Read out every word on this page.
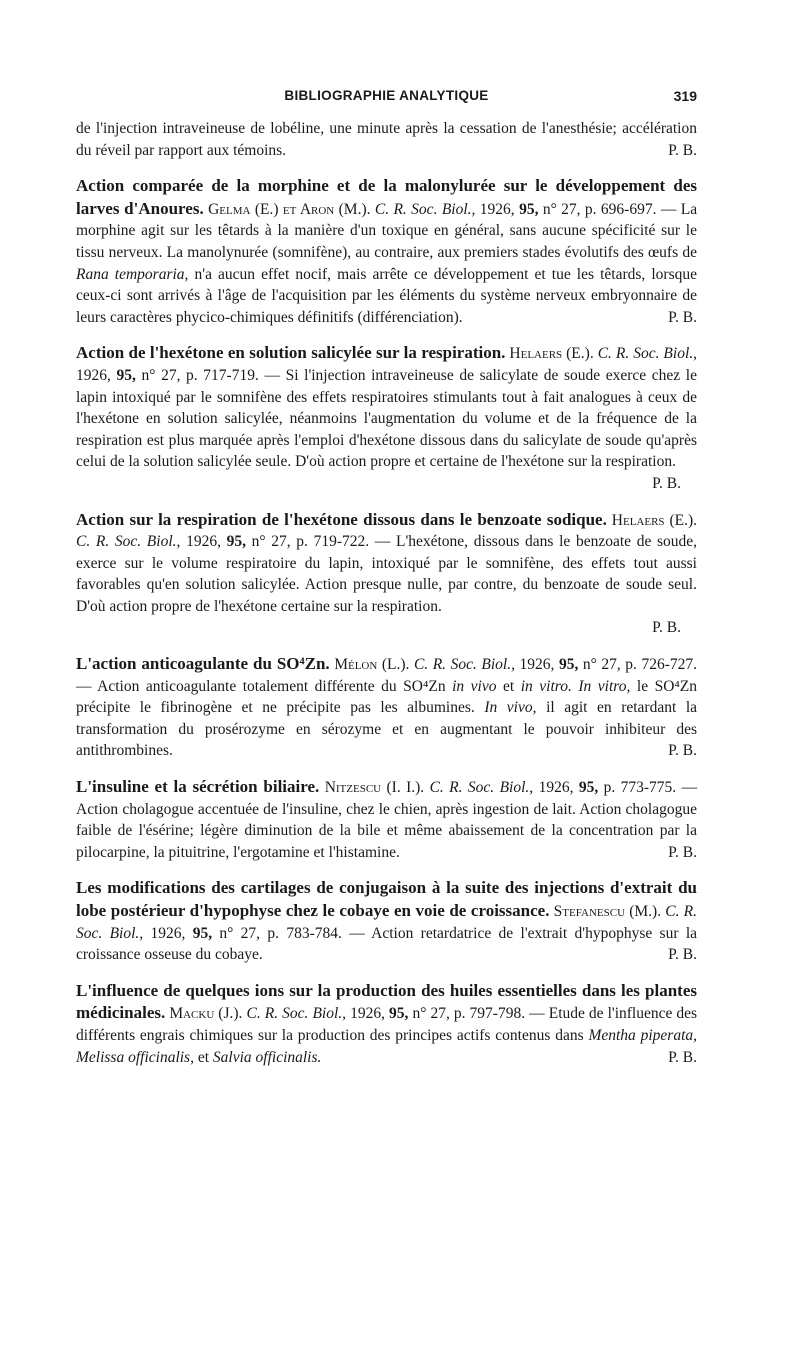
BIBLIOGRAPHIE ANALYTIQUE	319

de l'injection intraveineuse de lobéline, une minute après la cessation de l'anesthésie; accélération du réveil par rapport aux témoins.	P. B.

Action comparée de la morphine et de la malonylurée sur le développement des larves d'Anoures. Gelma (E.) et Aron (M.). C. R. Soc. Biol., 1926, 95, n° 27, p. 696-697. — La morphine agit sur les têtards à la manière d'un toxique en général, sans aucune spécificité sur le tissu nerveux. La manolynurée (somnifène), au contraire, aux premiers stades évolutifs des œufs de Rana temporaria, n'a aucun effet nocif, mais arrête ce développement et tue les têtards, lorsque ceux-ci sont arrivés à l'âge de l'acquisition par les éléments du système nerveux embryonnaire de leurs caractères phycico-chimiques définitifs (différenciation).	P. B.
Action de l'hexétone en solution salicylée sur la respiration. Helaers (E.). C. R. Soc. Biol., 1926, 95, n° 27, p. 717-719. — Si l'injection intraveineuse de salicylate de soude exerce chez le lapin intoxiqué par le somnifène des effets respiratoires stimulants tout à fait analogues à ceux de l'hexétone en solution salicylée, néanmoins l'augmentation du volume et de la fréquence de la respiration est plus marquée après l'emploi d'hexétone dissous dans du salicylate de soude qu'après celui de la solution salicylée seule. D'où action propre et certaine de l'hexétone sur la respiration.
P. B.
Action sur la respiration de l'hexétone dissous dans le benzoate sodique. Helaers (E.). C. R. Soc. Biol., 1926, 95, n° 27, p. 719-722. — L'hexétone, dissous dans le benzoate de soude, exerce sur le volume respiratoire du lapin, intoxiqué par le somnifène, des effets tout aussi favorables qu'en solution salicylée. Action presque nulle, par contre, du benzoate de soude seul. D'où action propre de l'hexétone certaine sur la respiration.
P. B.
L'action anticoagulante du SO⁴Zn. Mélon (L.). C. R. Soc. Biol., 1926, 95, n° 27, p. 726-727. — Action anticoagulante totalement différente du SO⁴Zn in vivo et in vitro. In vitro, le SO⁴Zn précipite le fibrinogène et ne précipite pas les albumines. In vivo, il agit en retardant la transformation du prosérozyme en sérozyme et en augmentant le pouvoir inhibiteur des antithrombines.	P. B.
L'insuline et la sécrétion biliaire. Nitzescu (I. I.). C. R. Soc. Biol., 1926, 95, p. 773-775. — Action cholagogue accentuée de l'insuline, chez le chien, après ingestion de lait. Action cholagogue faible de l'ésérine; légère diminution de la bile et même abaissement de la concentration par la pilocarpine, la pituitrine, l'ergotamine et l'histamine.	P. B.
Les modifications des cartilages de conjugaison à la suite des injections d'extrait du lobe postérieur d'hypophyse chez le cobaye en voie de croissance. Stefanescu (M.). C. R. Soc. Biol., 1926, 95, n° 27, p. 783-784. — Action retardatrice de l'extrait d'hypophyse sur la croissance osseuse du cobaye.	P. B.
L'influence de quelques ions sur la production des huiles essentielles dans les plantes médicinales. Macku (J.). C. R. Soc. Biol., 1926, 95, n° 27, p. 797-798. — Etude de l'influence des différents engrais chimiques sur la production des principes actifs contenus dans Mentha piperata, Melissa officinalis, et Salvia officinalis.	P. B.
